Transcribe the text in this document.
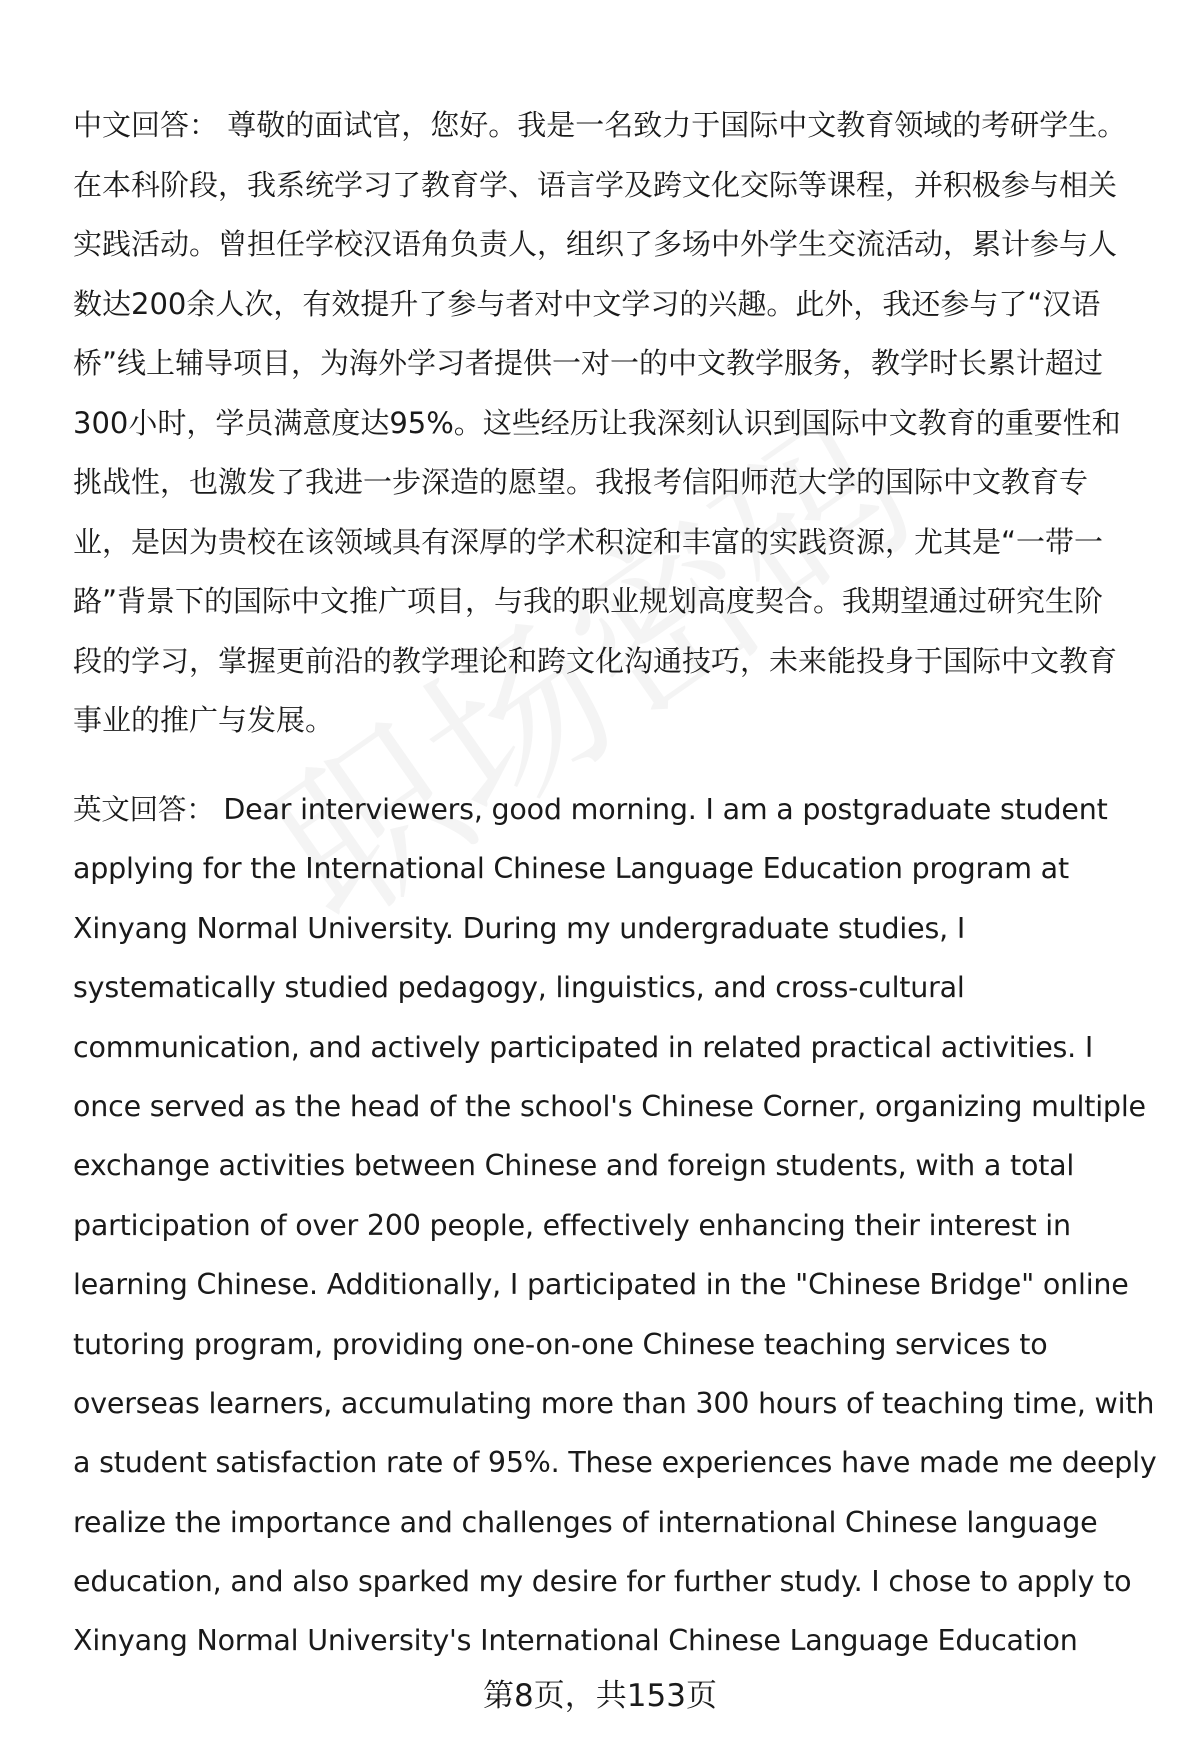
中文回答： 尊敬的面试官，您好。我是一名致力于国际中文教育领域的考研学生。
在本科阶段，我系统学习了教育学、语言学及跨文化交际等课程，并积极参与相关
实践活动。曾担任学校汉语角负责人，组织了多场中外学生交流活动，累计参与人
数达200余人次，有效提升了参与者对中文学习的兴趣。此外，我还参与了“汉语
桥”线上辅导项目，为海外学习者提供一对一的中文教学服务，教学时长累计超过
300小时，学员满意度达95%。这些经历让我深刻认识到国际中文教育的重要性和
挑战性，也激发了我进一步深造的愿望。我报考信阳师范大学的国际中文教育专
业，是因为贵校在该领域具有深厚的学术积淀和丰富的实践资源，尤其是“一带一
路”背景下的国际中文推广项目，与我的职业规划高度契合。我期望通过研究生阶
段的学习，掌握更前沿的教学理论和跨文化沟通技巧，未来能投身于国际中文教育
事业的推广与发展。
英文回答： Dear interviewers, good morning. I am a postgraduate student
applying for the International Chinese Language Education program at
Xinyang Normal University. During my undergraduate studies, I
systematically studied pedagogy, linguistics, and cross-cultural
communication, and actively participated in related practical activities. I
once served as the head of the school's Chinese Corner, organizing multiple
exchange activities between Chinese and foreign students, with a total
participation of over 200 people, effectively enhancing their interest in
learning Chinese. Additionally, I participated in the "Chinese Bridge" online
tutoring program, providing one-on-one Chinese teaching services to
overseas learners, accumulating more than 300 hours of teaching time, with
a student satisfaction rate of 95%. These experiences have made me deeply
realize the importance and challenges of international Chinese language
education, and also sparked my desire for further study. I chose to apply to
Xinyang Normal University's International Chinese Language Education
第8页，共153页
